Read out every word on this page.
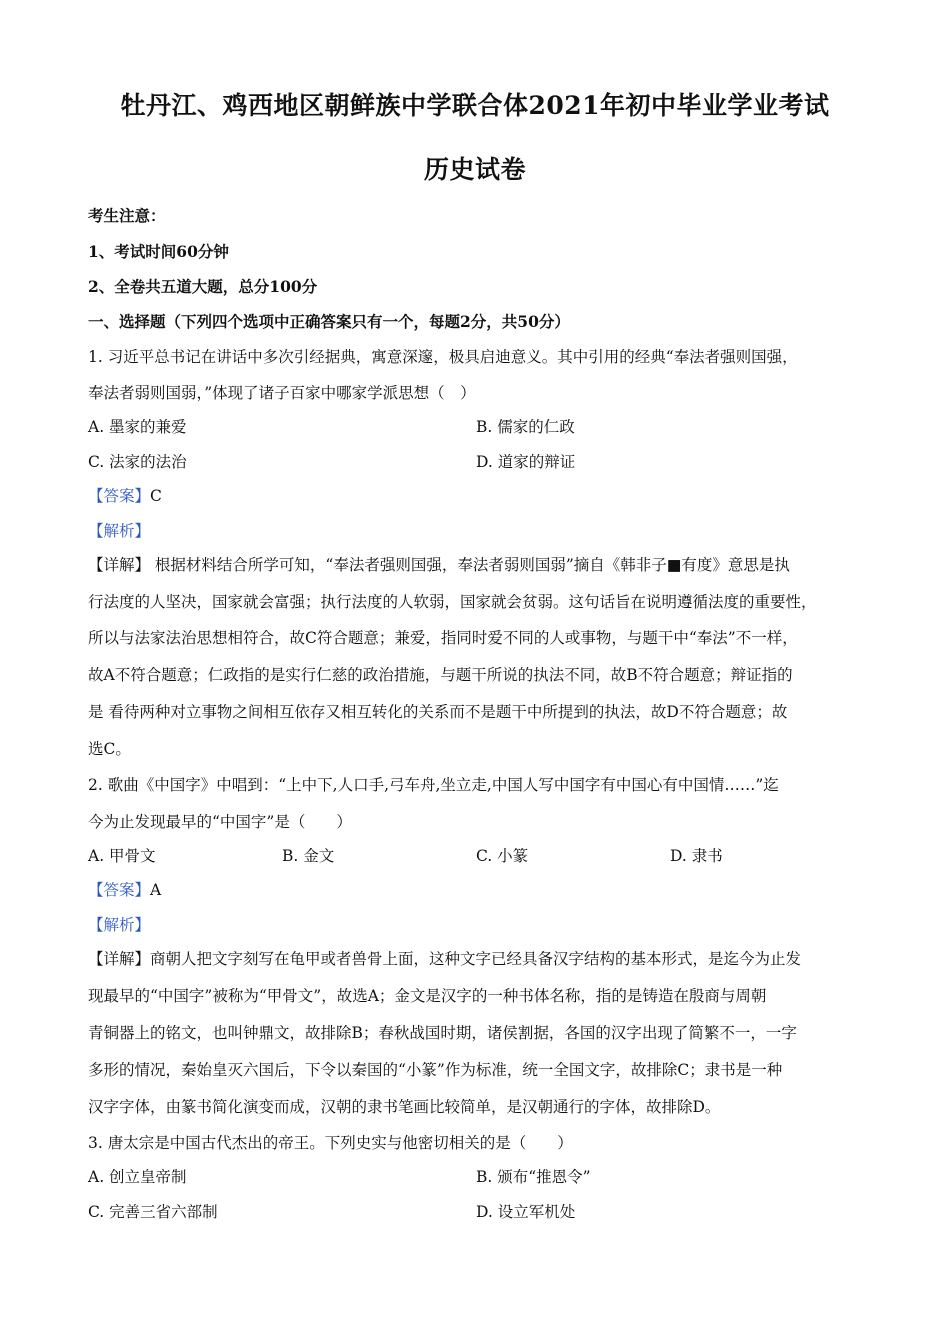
牡丹江、鸡西地区朝鲜族中学联合体2021年初中毕业学业考试
历史试卷
考生注意：
1、考试时间60分钟
2、全卷共五道大题，总分100分
一、选择题（下列四个选项中正确答案只有一个，每题2分，共50分）
1. 习近平总书记在讲话中多次引经据典，寓意深邃，极具启迪意义。其中引用的经典“奉法者强则国强，
奉法者弱则国弱，”体现了诸子百家中哪家学派思想（　）
A. 墨家的兼爱	B. 儒家的仁政
C. 法家的法治	D. 道家的辩证
【答案】C
【解析】
【详解】 根据材料结合所学可知，“奉法者强则国强，奉法者弱则国弱”摘自《韩非子■有度》意思是执
行法度的人坚决，国家就会富强；执行法度的人软弱，国家就会贫弱。这句话旨在说明遵循法度的重要性，
所以与法家法治思想相符合，故C符合题意；兼爱，指同时爱不同的人或事物，与题干中“奉法”不一样，
故A不符合题意；仁政指的是实行仁慈的政治措施，与题干所说的执法不同，故B不符合题意；辩证指的
是 看待两种对立事物之间相互依存又相互转化的关系而不是题干中所提到的执法，故D不符合题意；故
选C。
2. 歌曲《中国字》中唱到：“上中下,人口手,弓车舟,坐立走,中国人写中国字有中国心有中国情……”迄
今为止发现最早的“中国字”是（　　）
A. 甲骨文	B. 金文	C. 小篆	D. 隶书
【答案】A
【解析】
【详解】商朝人把文字刻写在龟甲或者兽骨上面，这种文字已经具备汉字结构的基本形式，是迄今为止发
现最早的“中国字”被称为“甲骨文”，故选A；金文是汉字的一种书体名称，指的是铸造在殷商与周朝
青铜器上的铭文，也叫钟鼎文，故排除B；春秋战国时期，诸侯割据，各国的汉字出现了简繁不一，一字
多形的情况，秦始皇灭六国后，下令以秦国的“小篆”作为标准，统一全国文字，故排除C；隶书是一种
汉字字体，由篆书简化演变而成，汉朝的隶书笔画比较简单，是汉朝通行的字体，故排除D。
3. 唐太宗是中国古代杰出的帝王。下列史实与他密切相关的是（　　）
A. 创立皇帝制	B. 颁布“推恩令”
C. 完善三省六部制	D. 设立军机处
